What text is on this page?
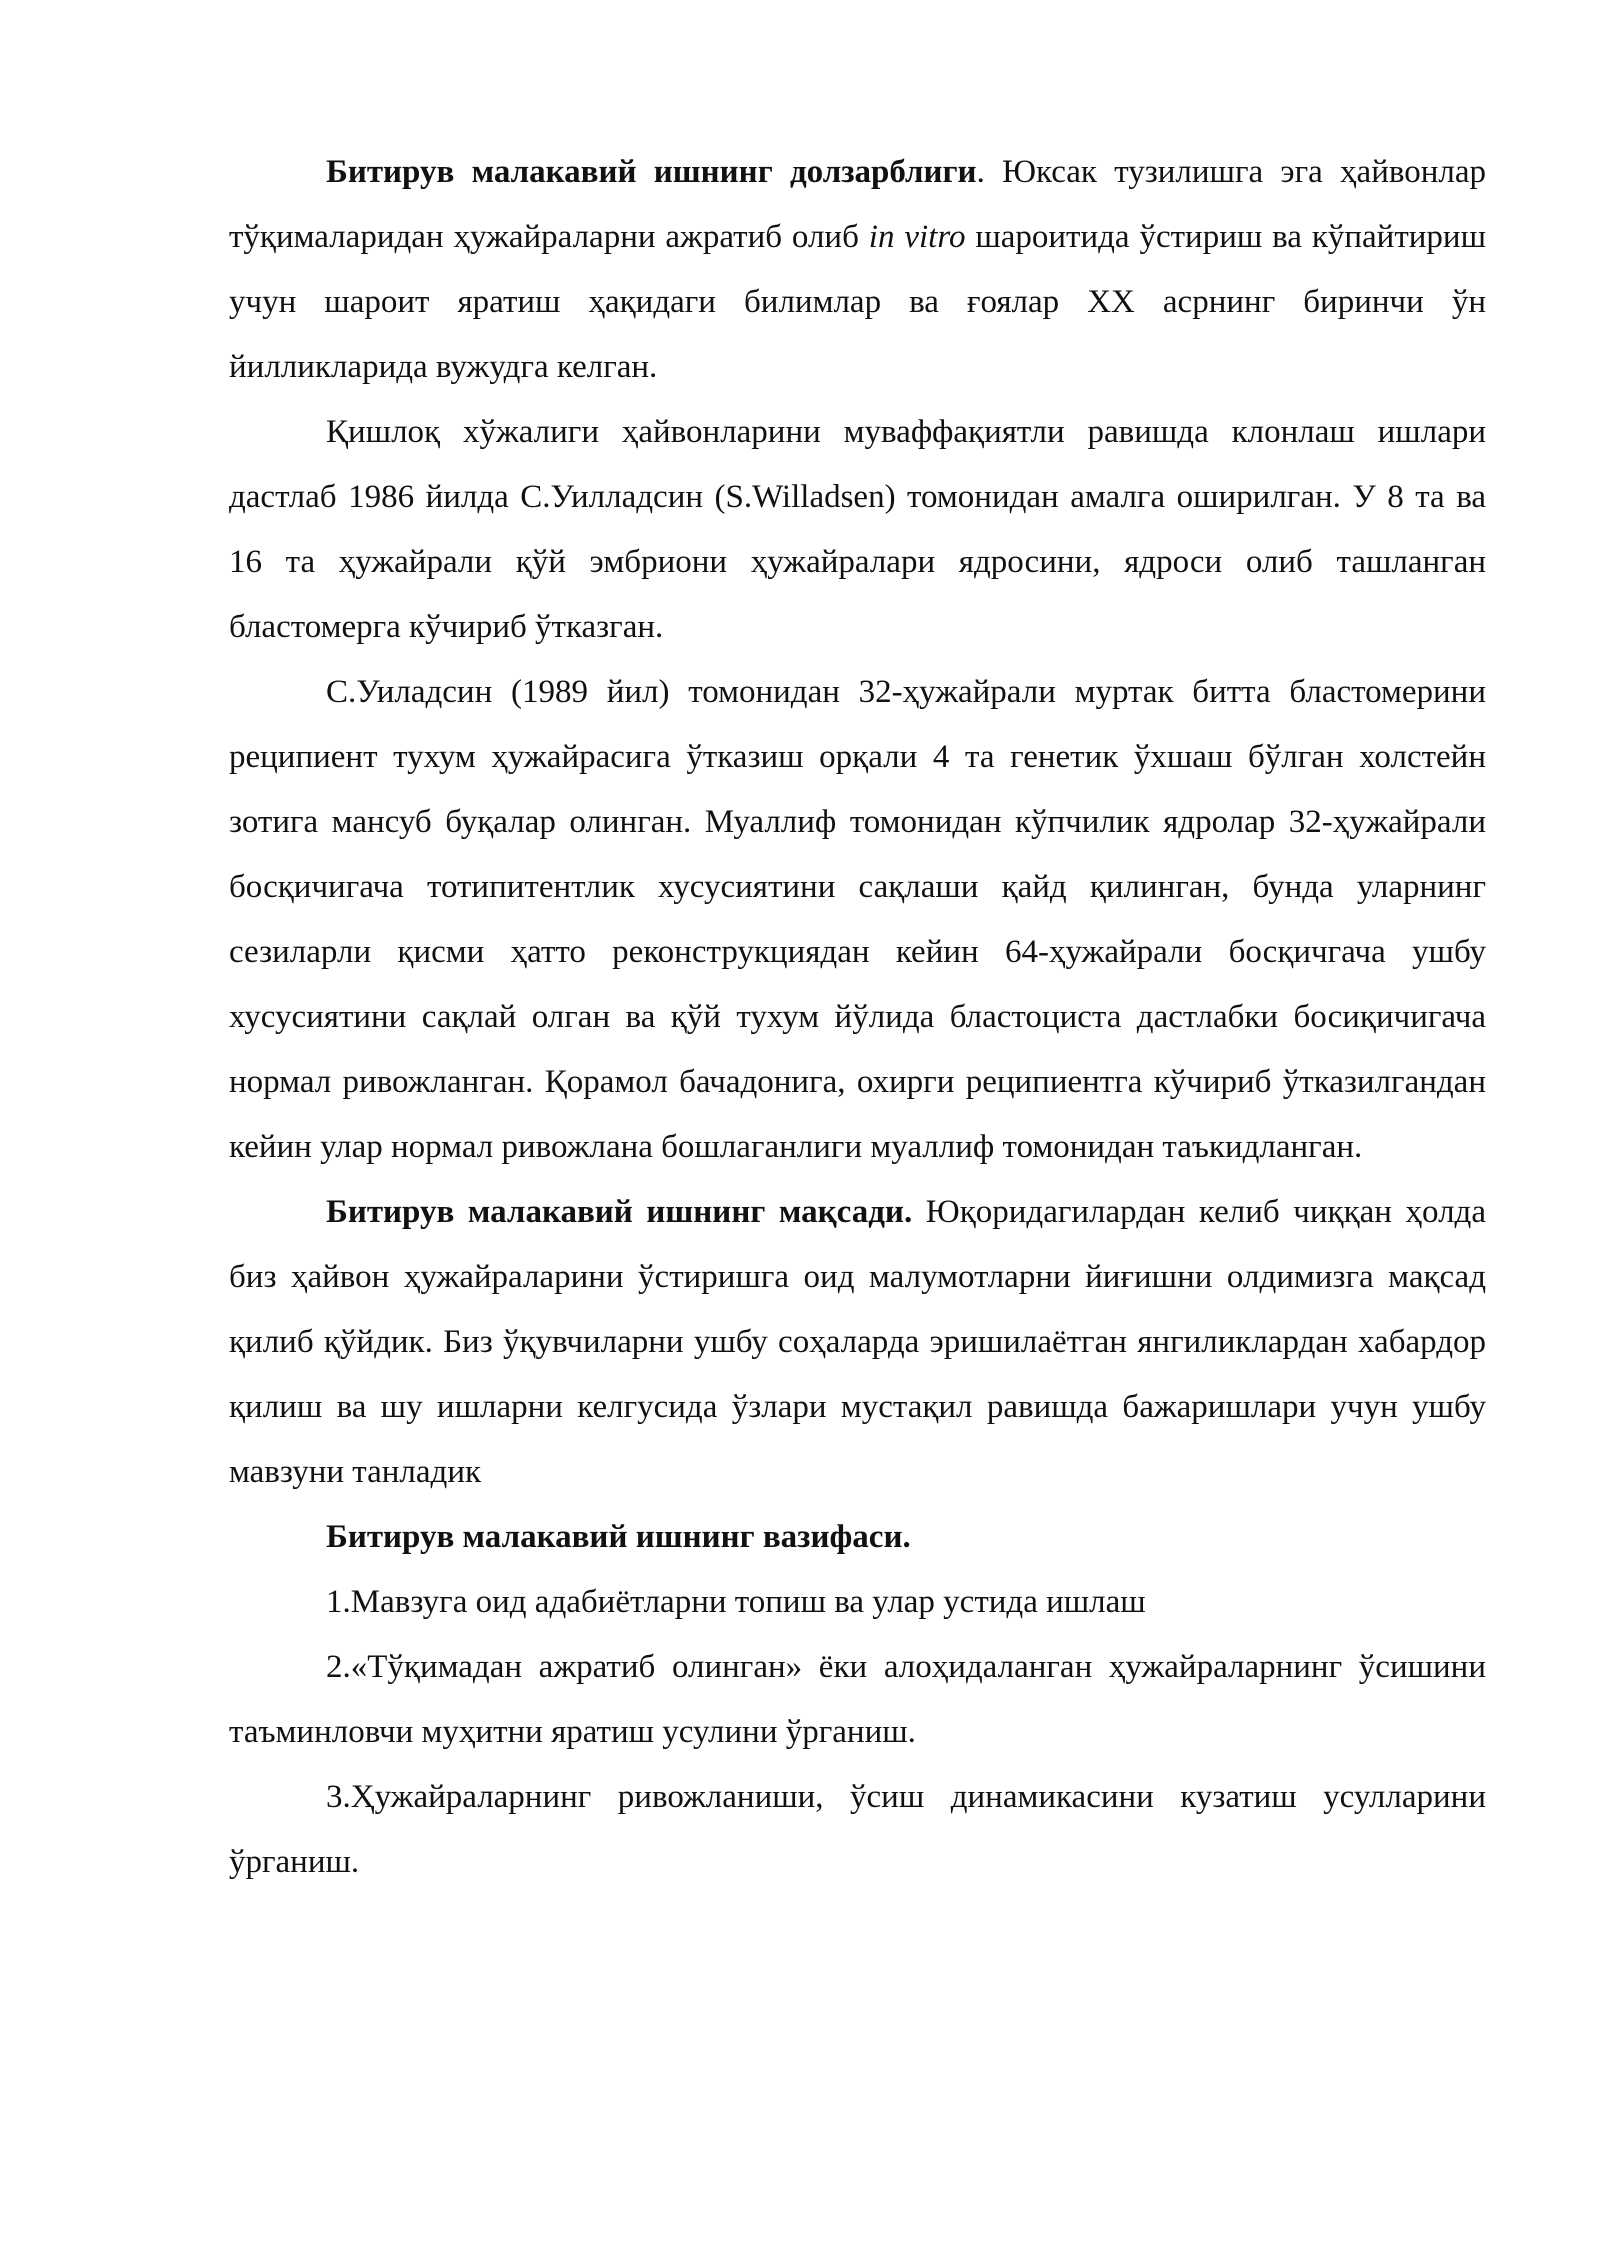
Битирув малакавий ишнинг долзарблиги. Юксак тузилишга эга ҳайвонлар тўқималаридан ҳужайраларни ажратиб олиб in vitro шароитида ўстириш ва кўпайтириш учун шароит яратиш ҳақидаги билимлар ва ғоялар XX асрнинг биринчи ўн йилликларида вужудга келган.

Қишлоқ хўжалиги ҳайвонларини муваффақиятли равишда клонлаш ишлари дастлаб 1986 йилда С.Уилладсин (S.Willadsen) томонидан амалга оширилган. У 8 та ва 16 та ҳужайрали қўй эмбриони ҳужайралари ядросини, ядроси олиб ташланган бластомерга кўчириб ўтказган.

С.Уиладсин (1989 йил) томонидан 32-ҳужайрали муртак битта бластомерини реципиент тухум ҳужайрасига ўтказиш орқали 4 та генетик ўхшаш бўлган холстейн зотига мансуб буқалар олинган. Муаллиф томонидан кўпчилик ядролар 32-ҳужайрали босқичигача тотипитентлик хусусиятини сақлаши қайд қилинган, бунда уларнинг сезиларли қисми ҳатто реконструкциядан кейин 64-ҳужайрали босқичгача ушбу хусусиятини сақлай олган ва қўй тухум йўлида бластоциста дастлабки босиқичигача нормал ривожланган. Қорамол бачадонига, охирги реципиентга кўчириб ўтказилгандан кейин улар нормал ривожлана бошлаганлиги муаллиф томонидан таъкидланган.

Битирув малакавий ишнинг мақсади. Юқоридагилардан келиб чиққан ҳолда биз ҳайвон ҳужайраларини ўстиришга оид малумотларни йиғишни олдимизга мақсад қилиб қўйдик. Биз ўқувчиларни ушбу соҳаларда эришилаётган янгиликлардан хабардор қилиш ва шу ишларни келгусида ўзлари мустақил равишда бажаришлари учун ушбу мавзуни танладик

Битирув малакавий ишнинг вазифаси.

1.Мавзуга оид адабиётларни топиш ва улар устида ишлаш

2.«Тўқимадан ажратиб олинган» ёки алоҳидаланган ҳужайраларнинг ўсишини таъминловчи муҳитни яратиш усулини ўрганиш.

3.Ҳужайраларнинг ривожланиши, ўсиш динамикасини кузатиш усулларини ўрганиш.
